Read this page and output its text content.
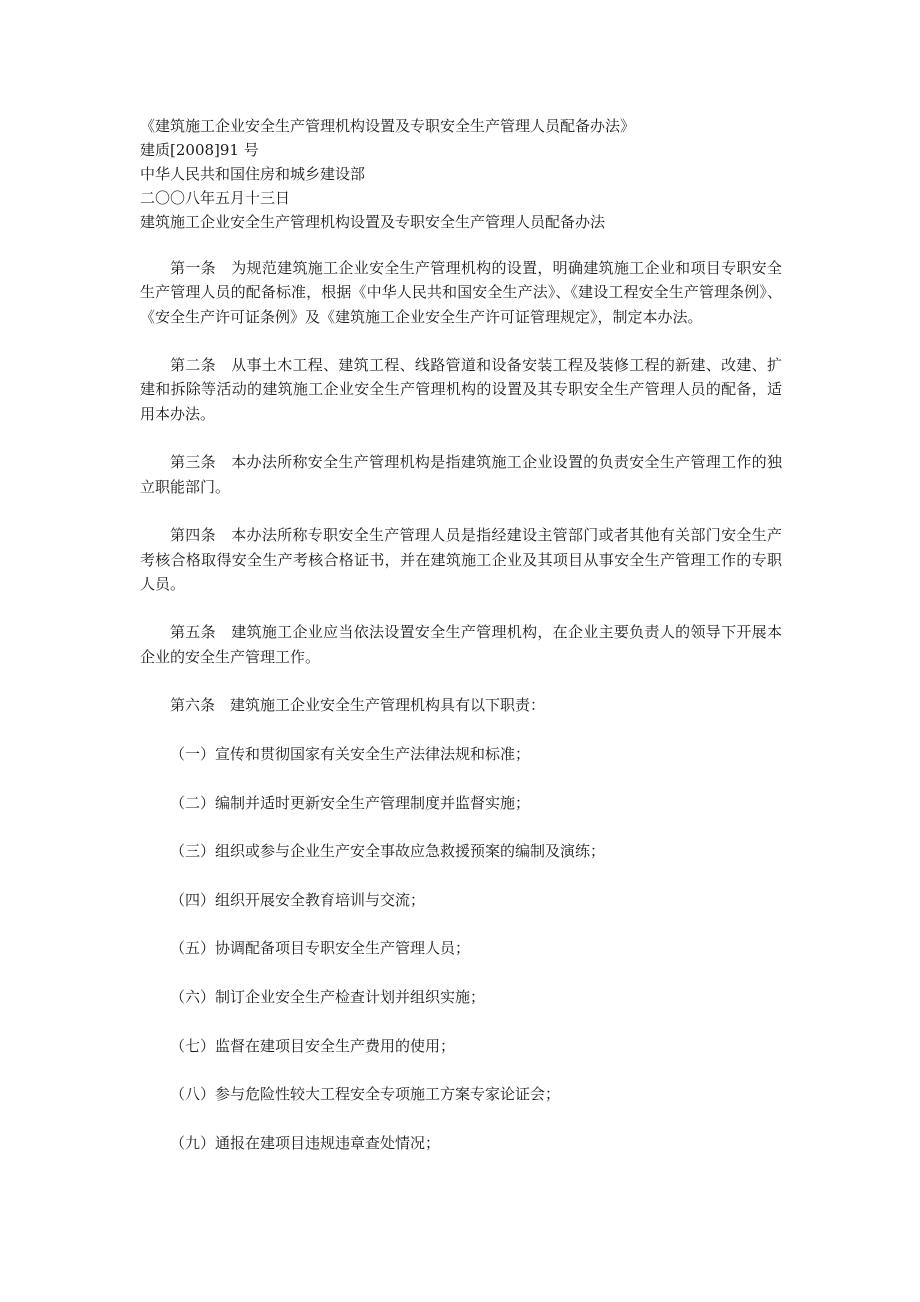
《建筑施工企业安全生产管理机构设置及专职安全生产管理人员配备办法》
建质[2008]91 号
中华人民共和国住房和城乡建设部
二〇〇八年五月十三日
建筑施工企业安全生产管理机构设置及专职安全生产管理人员配备办法

第一条　为规范建筑施工企业安全生产管理机构的设置，明确建筑施工企业和项目专职安全生产管理人员的配备标准，根据《中华人民共和国安全生产法》、《建设工程安全生产管理条例》、《安全生产许可证条例》及《建筑施工企业安全生产许可证管理规定》，制定本办法。

第二条　从事土木工程、建筑工程、线路管道和设备安装工程及装修工程的新建、改建、扩建和拆除等活动的建筑施工企业安全生产管理机构的设置及其专职安全生产管理人员的配备，适用本办法。

第三条　本办法所称安全生产管理机构是指建筑施工企业设置的负责安全生产管理工作的独立职能部门。

第四条　本办法所称专职安全生产管理人员是指经建设主管部门或者其他有关部门安全生产考核合格取得安全生产考核合格证书，并在建筑施工企业及其项目从事安全生产管理工作的专职人员。

第五条　建筑施工企业应当依法设置安全生产管理机构，在企业主要负责人的领导下开展本企业的安全生产管理工作。

第六条　建筑施工企业安全生产管理机构具有以下职责：

（一）宣传和贯彻国家有关安全生产法律法规和标准；

（二）编制并适时更新安全生产管理制度并监督实施；

（三）组织或参与企业生产安全事故应急救援预案的编制及演练；

（四）组织开展安全教育培训与交流；

（五）协调配备项目专职安全生产管理人员；

（六）制订企业安全生产检查计划并组织实施；

（七）监督在建项目安全生产费用的使用；

（八）参与危险性较大工程安全专项施工方案专家论证会；

（九）通报在建项目违规违章查处情况；
